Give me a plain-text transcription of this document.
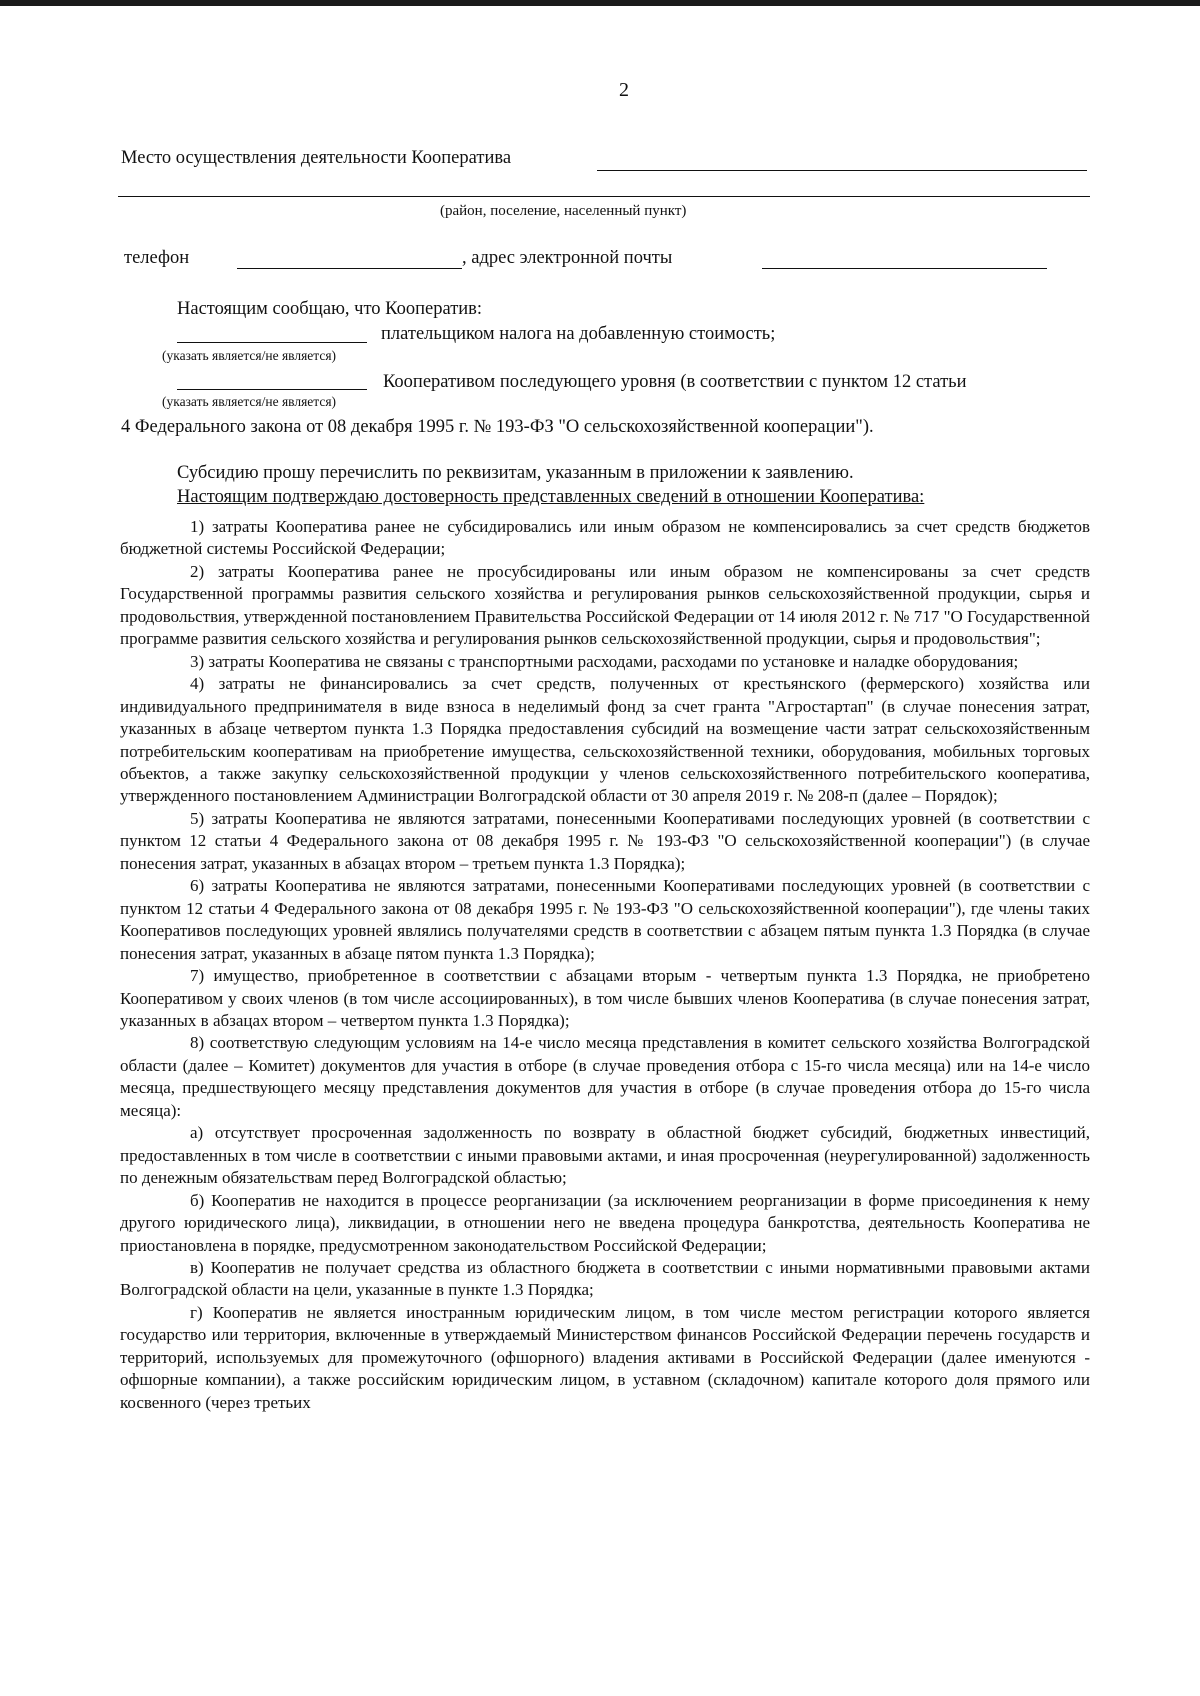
2
Место осуществления деятельности Кооператива
(район, поселение, населенный пункт)
телефон	, адрес электронной почты
Настоящим сообщаю, что Кооператив:
плательщиком налога на добавленную стоимость;
(указать является/не является)
Кооперативом последующего уровня (в соответствии с пунктом 12 статьи
(указать является/не является)
4 Федерального закона от 08 декабря 1995 г. № 193-ФЗ "О сельскохозяйственной кооперации").
Субсидию прошу перечислить по реквизитам, указанным в приложении к заявлению.
Настоящим подтверждаю достоверность представленных сведений в отношении Кооператива:

1) затраты Кооператива ранее не субсидировались или иным образом не компенсировались за счет средств бюджетов бюджетной системы Российской Федерации;

2) затраты Кооператива ранее не просубсидированы или иным образом не компенсированы за счет средств Государственной программы развития сельского хозяйства и регулирования рынков сельскохозяйственной продукции, сырья и продовольствия, утвержденной постановлением Правительства Российской Федерации от 14 июля 2012 г. № 717 "О Государственной программе развития сельского хозяйства и регулирования рынков сельскохозяйственной продукции, сырья и продовольствия";

3) затраты Кооператива не связаны с транспортными расходами, расходами по установке и наладке оборудования;

4) затраты не финансировались за счет средств, полученных от крестьянского (фермерского) хозяйства или индивидуального предпринимателя в виде взноса в неделимый фонд за счет гранта "Агростартап" (в случае понесения затрат, указанных в абзаце четвертом пункта 1.3 Порядка предоставления субсидий на возмещение части затрат сельскохозяйственным потребительским кооперативам на приобретение имущества, сельскохозяйственной техники, оборудования, мобильных торговых объектов, а также закупку сельскохозяйственной продукции у членов сельскохозяйственного потребительского кооператива, утвержденного постановлением Администрации Волгоградской области от 30 апреля 2019 г. № 208-п (далее – Порядок);

5) затраты Кооператива не являются затратами, понесенными Кооперативами последующих уровней (в соответствии с пунктом 12 статьи 4 Федерального закона от 08 декабря 1995 г. № 193-ФЗ "О сельскохозяйственной кооперации") (в случае понесения затрат, указанных в абзацах втором – третьем пункта 1.3 Порядка);

6) затраты Кооператива не являются затратами, понесенными Кооперативами последующих уровней (в соответствии с пунктом 12 статьи 4 Федерального закона от 08 декабря 1995 г. № 193-ФЗ "О сельскохозяйственной кооперации"), где члены таких Кооперативов последующих уровней являлись получателями средств в соответствии с абзацем пятым пункта 1.3 Порядка (в случае понесения затрат, указанных в абзаце пятом пункта 1.3 Порядка);

7) имущество, приобретенное в соответствии с абзацами вторым - четвертым пункта 1.3 Порядка, не приобретено Кооперативом у своих членов (в том числе ассоциированных), в том числе бывших членов Кооператива (в случае понесения затрат, указанных в абзацах втором – четвертом пункта 1.3 Порядка);

8) соответствую следующим условиям на 14-е число месяца представления в комитет сельского хозяйства Волгоградской области (далее – Комитет) документов для участия в отборе (в случае проведения отбора с 15-го числа месяца) или на 14-е число месяца, предшествующего месяцу представления документов для участия в отборе (в случае проведения отбора до 15-го числа месяца):

а) отсутствует просроченная задолженность по возврату в областной бюджет субсидий, бюджетных инвестиций, предоставленных в том числе в соответствии с иными правовыми актами, и иная просроченная (неурегулированной) задолженность по денежным обязательствам перед Волгоградской областью;

б) Кооператив не находится в процессе реорганизации (за исключением реорганизации в форме присоединения к нему другого юридического лица), ликвидации, в отношении него не введена процедура банкротства, деятельность Кооператива не приостановлена в порядке, предусмотренном законодательством Российской Федерации;

в) Кооператив не получает средства из областного бюджета в соответствии с иными нормативными правовыми актами Волгоградской области на цели, указанные в пункте 1.3 Порядка;

г) Кооператив не является иностранным юридическим лицом, в том числе местом регистрации которого является государство или территория, включенные в утверждаемый Министерством финансов Российской Федерации перечень государств и территорий, используемых для промежуточного (офшорного) владения активами в Российской Федерации (далее именуются - офшорные компании), а также российским юридическим лицом, в уставном (складочном) капитале которого доля прямого или косвенного (через третьих
